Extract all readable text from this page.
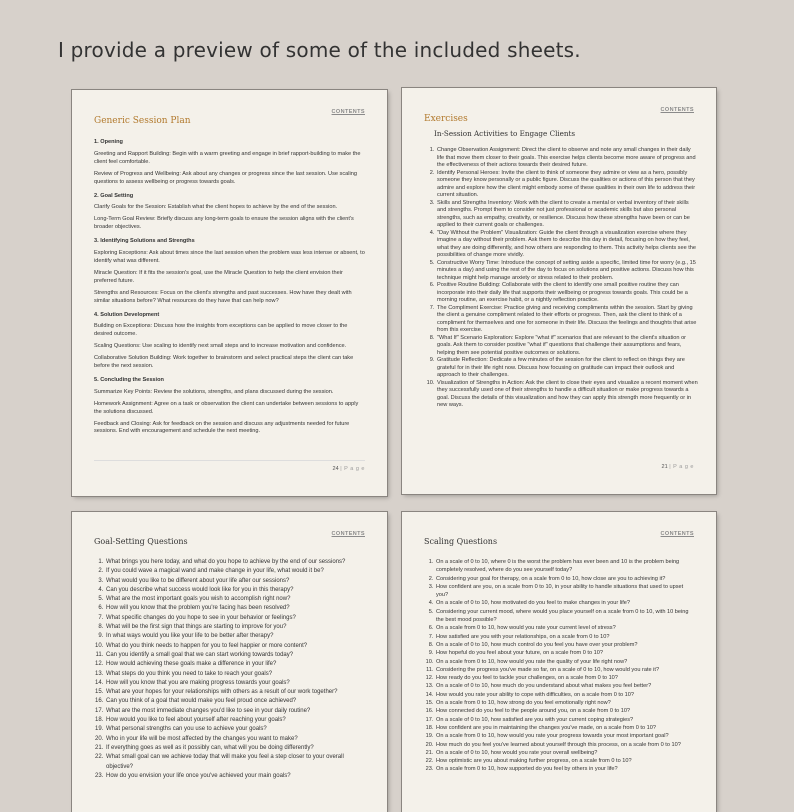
I provide a preview of some of the included sheets.
CONTENTS
Generic Session Plan
1. Opening
Greeting and Rapport Building: Begin with a warm greeting and engage in brief rapport-building to make the client feel comfortable.
Review of Progress and Wellbeing: Ask about any changes or progress since the last session. Use scaling questions to assess wellbeing or progress towards goals.
2. Goal Setting
Clarify Goals for the Session: Establish what the client hopes to achieve by the end of the session.
Long-Term Goal Review: Briefly discuss any long-term goals to ensure the session aligns with the client's broader objectives.
3. Identifying Solutions and Strengths
Exploring Exceptions: Ask about times since the last session when the problem was less intense or absent, to identify what was different.
Miracle Question: If it fits the session's goal, use the Miracle Question to help the client envision their preferred future.
Strengths and Resources: Focus on the client's strengths and past successes. How have they dealt with similar situations before? What resources do they have that can help now?
4. Solution Development
Building on Exceptions: Discuss how the insights from exceptions can be applied to move closer to the desired outcome.
Scaling Questions: Use scaling to identify next small steps and to increase motivation and confidence.
Collaborative Solution Building: Work together to brainstorm and select practical steps the client can take before the next session.
5. Concluding the Session
Summarize Key Points: Review the solutions, strengths, and plans discussed during the session.
Homework Assignment: Agree on a task or observation the client can undertake between sessions to apply the solutions discussed.
Feedback and Closing: Ask for feedback on the session and discuss any adjustments needed for future sessions. End with encouragement and schedule the next meeting.
24 | P a g e
CONTENTS
Exercises
In-Session Activities to Engage Clients
1. Change Observation Assignment: Direct the client to observe and note any small changes in their daily life that move them closer to their goals. This exercise helps clients become more aware of progress and the effectiveness of their actions towards their desired future.
2. Identify Personal Heroes: Invite the client to think of someone they admire or view as a hero, possibly someone they know personally or a public figure. Discuss the qualities or actions of this person that they admire and explore how the client might embody some of these qualities in their own life to address their current situation.
3. Skills and Strengths Inventory: Work with the client to create a mental or verbal inventory of their skills and strengths. Prompt them to consider not just professional or academic skills but also personal strengths, such as empathy, creativity, or resilience. Discuss how these strengths have been or can be applied to their current goals or challenges.
4. "Day Without the Problem" Visualization: Guide the client through a visualization exercise where they imagine a day without their problem. Ask them to describe this day in detail, focusing on how they feel, what they are doing differently, and how others are responding to them. This activity helps clients see the possibilities of change more vividly.
5. Constructive Worry Time: Introduce the concept of setting aside a specific, limited time for worry (e.g., 15 minutes a day) and using the rest of the day to focus on solutions and positive actions. Discuss how this technique might help manage anxiety or stress related to their problem.
6. Positive Routine Building: Collaborate with the client to identify one small positive routine they can incorporate into their daily life that supports their wellbeing or progress towards goals. This could be a morning routine, an exercise habit, or a nightly reflection practice.
7. The Compliment Exercise: Practice giving and receiving compliments within the session. Start by giving the client a genuine compliment related to their efforts or progress. Then, ask the client to think of a compliment for themselves and one for someone in their life. Discuss the feelings and thoughts that arise from this exercise.
8. "What If" Scenario Exploration: Explore "what if" scenarios that are relevant to the client's situation or goals. Ask them to consider positive "what if" questions that challenge their assumptions and fears, helping them see potential positive outcomes or solutions.
9. Gratitude Reflection: Dedicate a few minutes of the session for the client to reflect on things they are grateful for in their life right now. Discuss how focusing on gratitude can impact their outlook and approach to their challenges.
10. Visualization of Strengths in Action: Ask the client to close their eyes and visualize a recent moment when they successfully used one of their strengths to handle a difficult situation or make progress towards a goal. Discuss the details of this visualization and how they can apply this strength more frequently or in new ways.
21 | P a g e
CONTENTS
Goal-Setting Questions
1. What brings you here today, and what do you hope to achieve by the end of our sessions?
2. If you could wave a magical wand and make change in your life, what would it be?
3. What would you like to be different about your life after our sessions?
4. Can you describe what success would look like for you in this therapy?
5. What are the most important goals you wish to accomplish right now?
6. How will you know that the problem you're facing has been resolved?
7. What specific changes do you hope to see in your behavior or feelings?
8. What will be the first sign that things are starting to improve for you?
9. In what ways would you like your life to be better after therapy?
10. What do you think needs to happen for you to feel happier or more content?
11. Can you identify a small goal that we can start working towards today?
12. How would achieving these goals make a difference in your life?
13. What steps do you think you need to take to reach your goals?
14. How will you know that you are making progress towards your goals?
15. What are your hopes for your relationships with others as a result of our work together?
16. Can you think of a goal that would make you feel proud once achieved?
17. What are the most immediate changes you'd like to see in your daily routine?
18. How would you like to feel about yourself after reaching your goals?
19. What personal strengths can you use to achieve your goals?
20. Who in your life will be most affected by the changes you want to make?
21. If everything goes as well as it possibly can, what will you be doing differently?
22. What small goal can we achieve today that will make you feel a step closer to your overall objective?
23. How do you envision your life once you've achieved your main goals?
CONTENTS
Scaling Questions
1. On a scale of 0 to 10, where 0 is the worst the problem has ever been and 10 is the problem being completely resolved, where do you see yourself today?
2. Considering your goal for therapy, on a scale from 0 to 10, how close are you to achieving it?
3. How confident are you, on a scale from 0 to 10, in your ability to handle situations that used to upset you?
4. On a scale of 0 to 10, how motivated do you feel to make changes in your life?
5. Considering your current mood, where would you place yourself on a scale from 0 to 10, with 10 being the best mood possible?
6. On a scale from 0 to 10, how would you rate your current level of stress?
7. How satisfied are you with your relationships, on a scale from 0 to 10?
8. On a scale of 0 to 10, how much control do you feel you have over your problem?
9. How hopeful do you feel about your future, on a scale from 0 to 10?
10. On a scale from 0 to 10, how would you rate the quality of your life right now?
11. Considering the progress you've made so far, on a scale of 0 to 10, how would you rate it?
12. How ready do you feel to tackle your challenges, on a scale from 0 to 10?
13. On a scale of 0 to 10, how much do you understand about what makes you feel better?
14. How would you rate your ability to cope with difficulties, on a scale from 0 to 10?
15. On a scale from 0 to 10, how strong do you feel emotionally right now?
16. How connected do you feel to the people around you, on a scale from 0 to 10?
17. On a scale of 0 to 10, how satisfied are you with your current coping strategies?
18. How confident are you in maintaining the changes you've made, on a scale from 0 to 10?
19. On a scale from 0 to 10, how would you rate your progress towards your most important goal?
20. How much do you feel you've learned about yourself through this process, on a scale from 0 to 10?
21. On a scale of 0 to 10, how would you rate your overall wellbeing?
22. How optimistic are you about making further progress, on a scale from 0 to 10?
23. On a scale from 0 to 10, how supported do you feel by others in your life?
